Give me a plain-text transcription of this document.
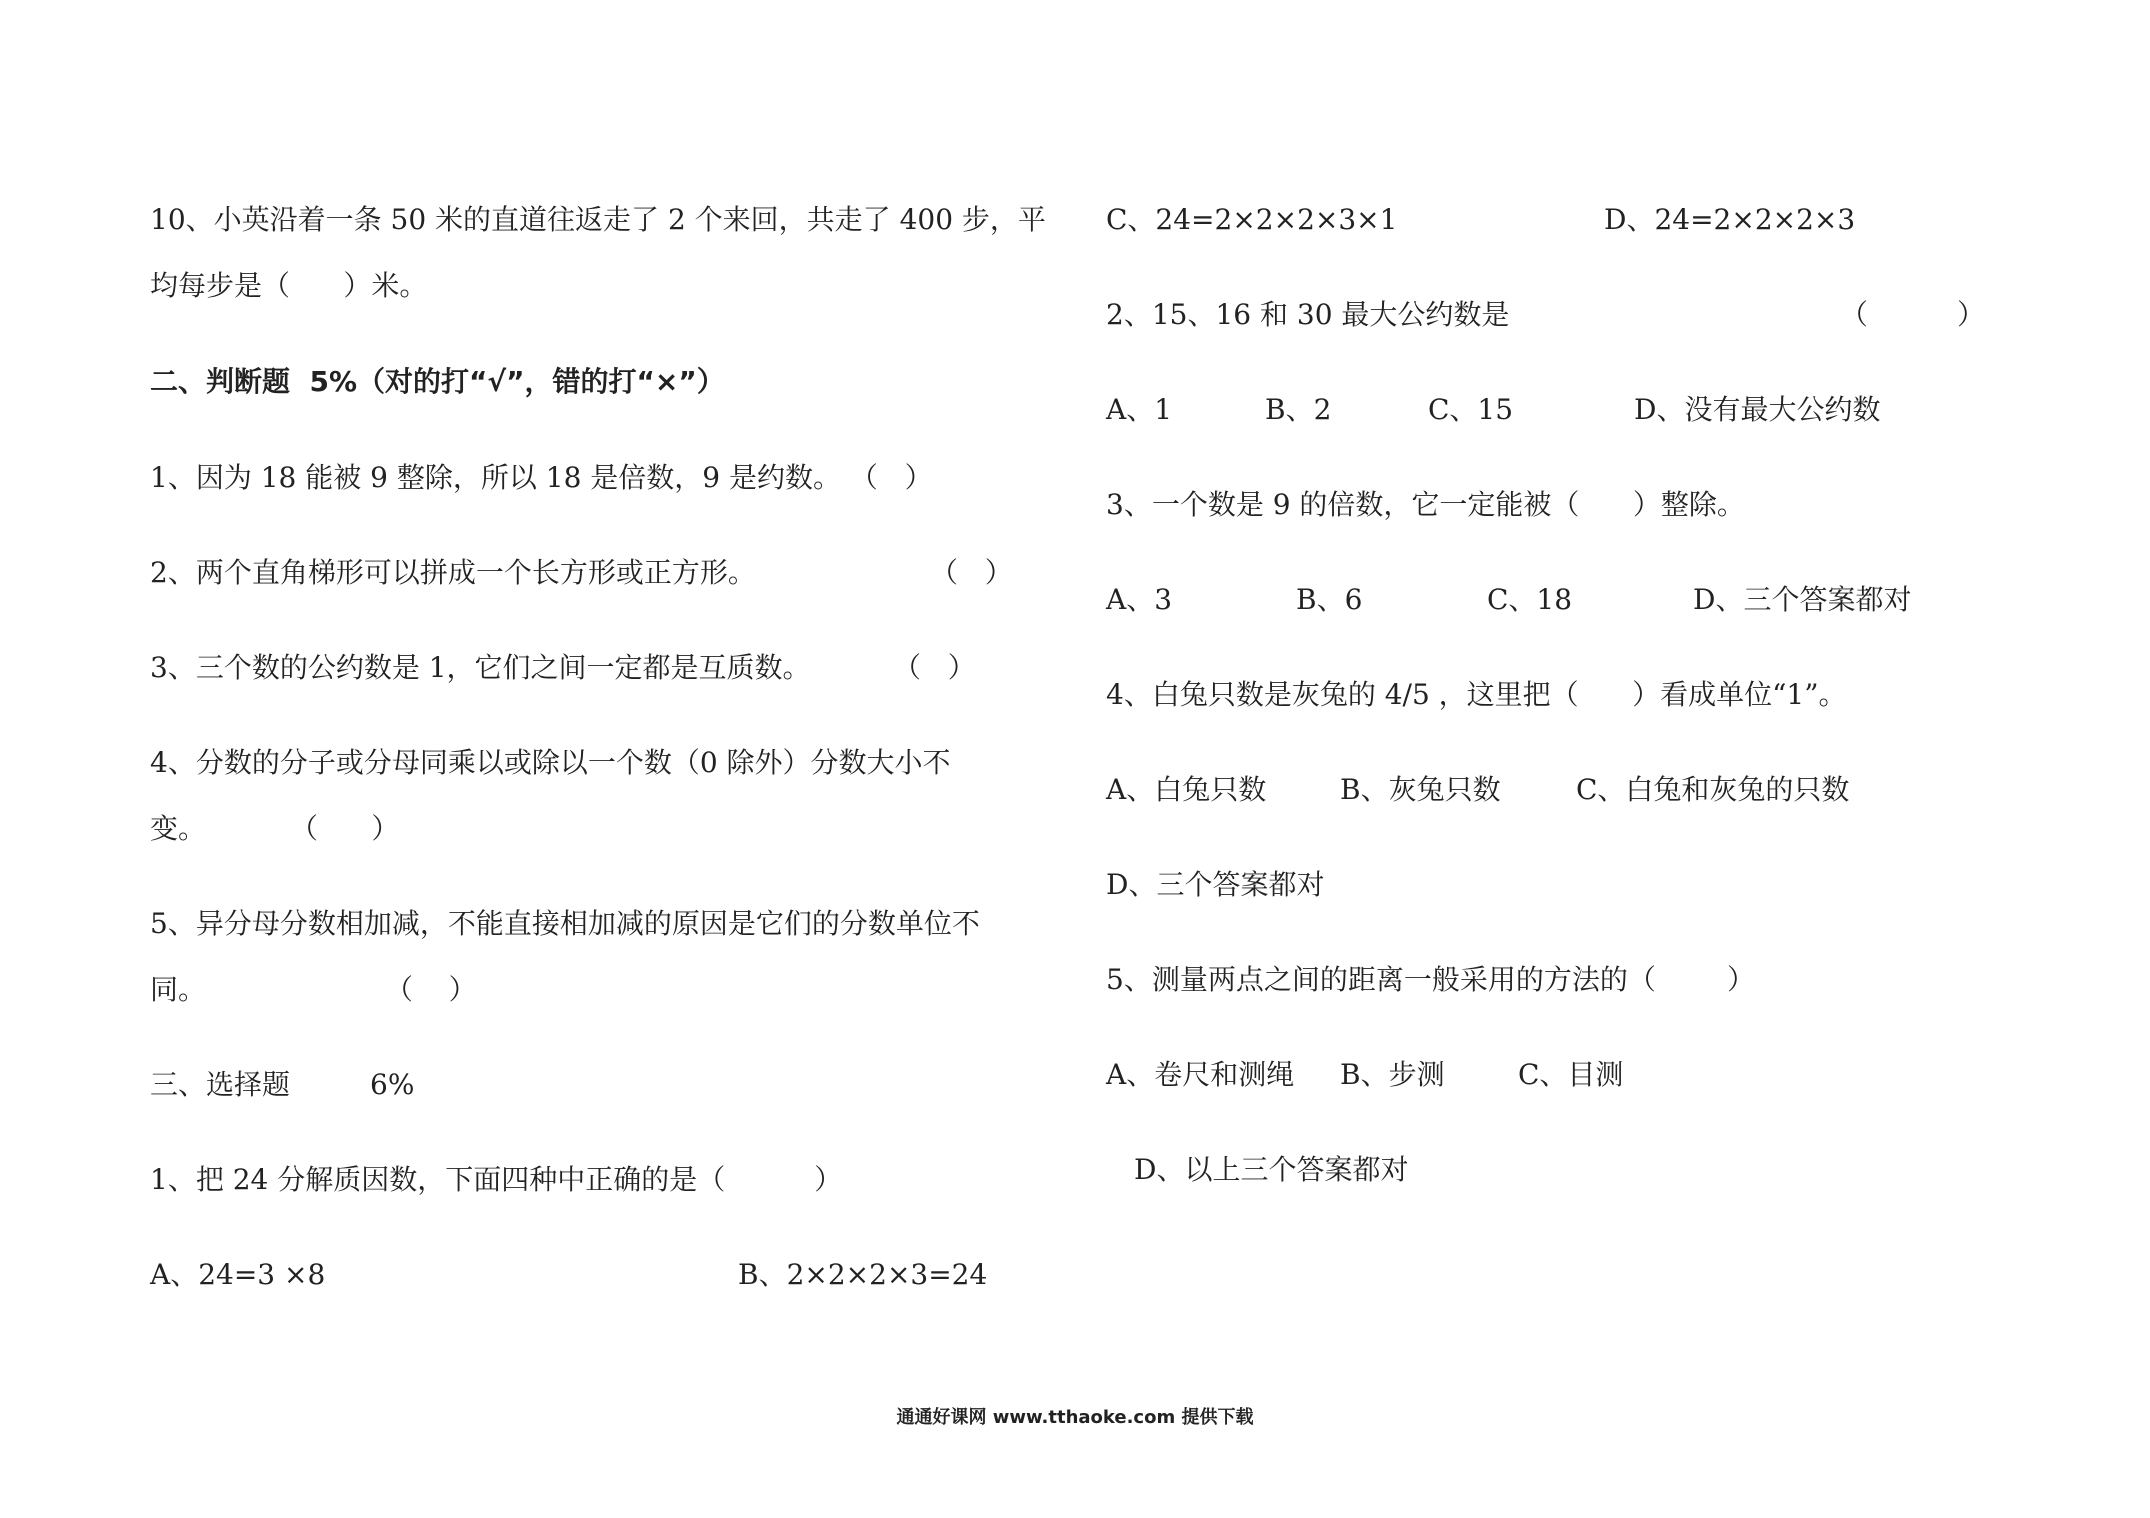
10、小英沿着一条 50 米的直道往返走了 2 个来回，共走了 400 步，平
均每步是（      ）米。
二、判断题  5%（对的打“√”，错的打“×”）
1、因为 18 能被 9 整除，所以 18 是倍数，9 是约数。 （   ）
2、两个直角梯形可以拼成一个长方形或正方形。	（   ）
3、三个数的公约数是 1，它们之间一定都是互质数。	（   ）
4、分数的分子或分母同乘以或除以一个数（0 除外）分数大小不
变。	（      ）
5、异分母分数相加减，不能直接相加减的原因是它们的分数单位不
同。	（    ）
三、选择题	6%
1、把 24 分解质因数，下面四种中正确的是（          ）
A、24=3 ×8	B、2×2×2×3=24
C、24=2×2×2×3×1	D、24=2×2×2×3
2、15、16 和 30 最大公约数是	（          ）
A、1	B、2	C、15	D、没有最大公约数
3、一个数是 9 的倍数，它一定能被（      ）整除。
A、3	B、6	C、18	D、三个答案都对
4、白兔只数是灰兔的 4/5 ，这里把（      ）看成单位“1”。
A、白兔只数	B、灰兔只数	C、白兔和灰兔的只数
D、三个答案都对
5、测量两点之间的距离一般采用的方法的（        ）
A、卷尺和测绳 B、步测	C、目测
D、以上三个答案都对
通通好课网 www.tthaoke.com 提供下载
